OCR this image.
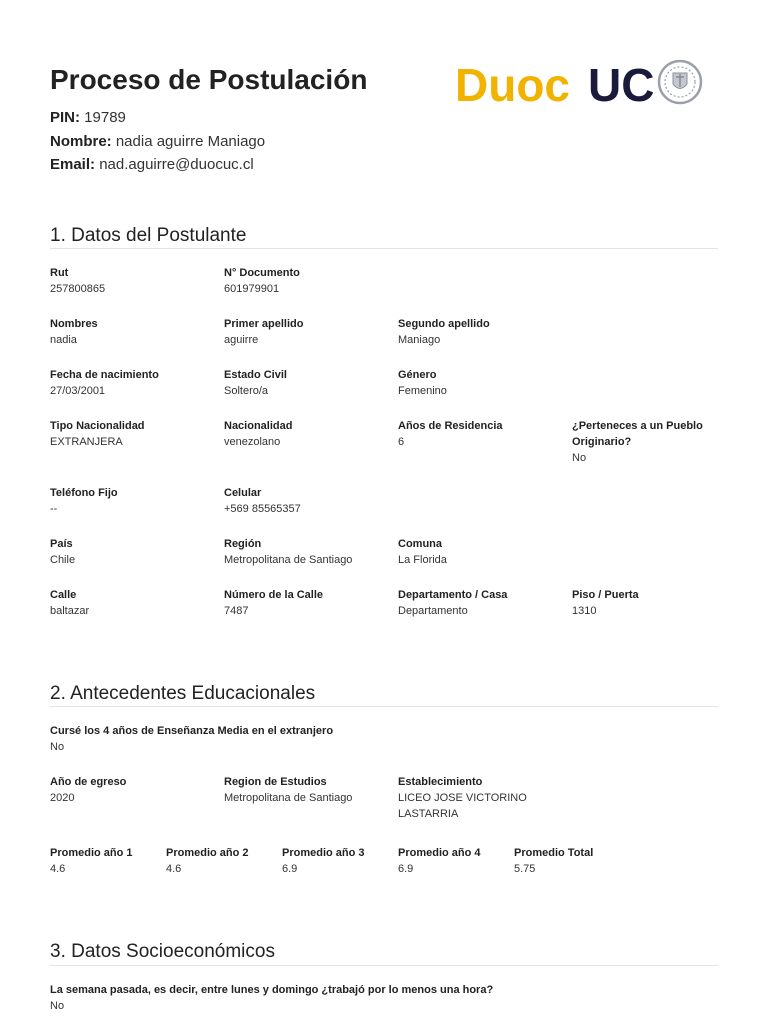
Proceso de Postulación
PIN: 19789
Nombre: nadia aguirre Maniago
Email: nad.aguirre@duocuc.cl
Duoc UC
1. Datos del Postulante
Rut
257800865
N° Documento
601979901
Nombres
nadia
Primer apellido
aguirre
Segundo apellido
Maniago
Fecha de nacimiento
27/03/2001
Estado Civil
Soltero/a
Género
Femenino
Tipo Nacionalidad
EXTRANJERA
Nacionalidad
venezolano
Años de Residencia
6
¿Perteneces a un Pueblo Originario?
No
Teléfono Fijo
--
Celular
+569 85565357
País
Chile
Región
Metropolitana de Santiago
Comuna
La Florida
Calle
baltazar
Número de la Calle
7487
Departamento / Casa
Departamento
Piso / Puerta
1310
2. Antecedentes Educacionales
Cursé los 4 años de Enseñanza Media en el extranjero
No
Año de egreso
2020
Region de Estudios
Metropolitana de Santiago
Establecimiento
LICEO JOSE VICTORINO LASTARRIA
Promedio año 1
4.6
Promedio año 2
4.6
Promedio año 3
6.9
Promedio año 4
6.9
Promedio Total
5.75
3. Datos Socioeconómicos
La semana pasada, es decir, entre lunes y domingo ¿trabajó por lo menos una hora?
No
